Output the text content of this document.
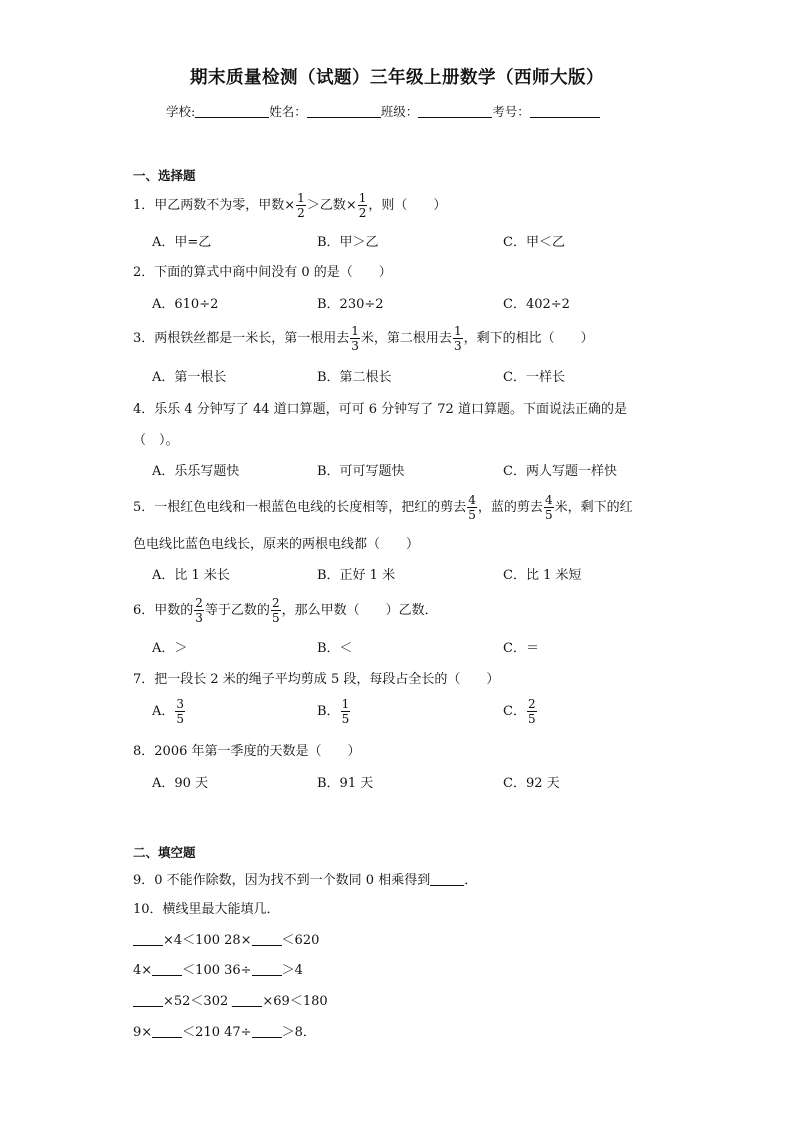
期末质量检测（试题）三年级上册数学（西师大版）
学校:	姓名：	班级：	考号：
一、选择题
1．甲乙两数不为零，甲数× $\frac{1}{2}$ ＞乙数× $\frac{1}{2}$ ，则（　　）
A．甲=乙	B．甲＞乙	C．甲＜乙
2．下面的算式中商中间没有 0 的是（　　）
A．610÷2	B．230÷2	C．402÷2
3．两根铁丝都是一米长，第一根用去 $\frac{1}{3}$ 米，第二根用去 $\frac{1}{3}$ ，剩下的相比（　　）
A．第一根长	B．第二根长	C．一样长
4．乐乐 4 分钟写了 44 道口算题，可可 6 分钟写了 72 道口算题。下面说法正确的是
（　）。
A．乐乐写题快	B．可可写题快	C．两人写题一样快
5．一根红色电线和一根蓝色电线的长度相等，把红的剪去 $\frac{4}{5}$ ，蓝的剪去 $\frac{4}{5}$ 米，剩下的红
色电线比蓝色电线长，原来的两根电线都（　　）
A．比 1 米长	B．正好 1 米	C．比 1 米短
6．甲数的 $\frac{2}{3}$ 等于乙数的 $\frac{2}{5}$ ，那么甲数（　　）乙数．
A．＞	B．＜	C．＝
7．把一段长 2 米的绳子平均剪成 5 段，每段占全长的（　　）
A． $\frac{3}{5}$	B． $\frac{1}{5}$	C． $\frac{2}{5}$
8．2006 年第一季度的天数是（　　）
A．90 天	B．91 天	C．92 天
二、填空题
9．0 不能作除数，因为找不到一个数同 0 相乘得到	．
10．横线里最大能填几．
×4＜100 28× ＜620
4× ＜100 36÷ ＞4
×52＜302 ×69＜180
9× ＜210 47÷ ＞8．
